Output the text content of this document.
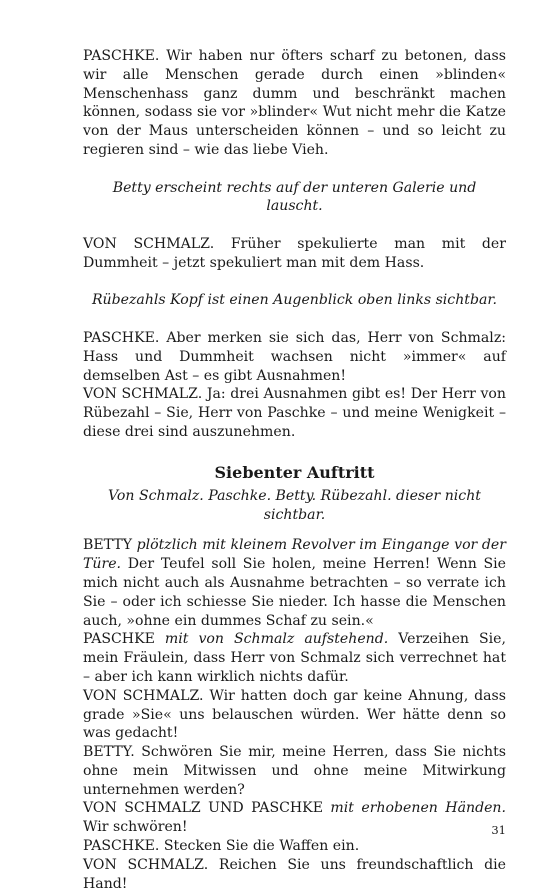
PASCHKE. Wir haben nur öfters scharf zu betonen, dass wir alle Menschen gerade durch einen »blinden« Menschenhass ganz dumm und beschränkt machen können, sodass sie vor »blinder« Wut nicht mehr die Katze von der Maus unterscheiden können – und so leicht zu regieren sind – wie das liebe Vieh.

Betty erscheint rechts auf der unteren Galerie und lauscht.

VON SCHMALZ. Früher spekulierte man mit der Dummheit – jetzt spekuliert man mit dem Hass.

Rübezahls Kopf ist einen Augenblick oben links sichtbar.

PASCHKE. Aber merken sie sich das, Herr von Schmalz: Hass und Dummheit wachsen nicht »immer« auf demselben Ast – es gibt Ausnahmen!

VON SCHMALZ. Ja: drei Ausnahmen gibt es! Der Herr von Rübezahl – Sie, Herr von Paschke – und meine Wenigkeit – diese drei sind auszunehmen.

Siebenter Auftritt

Von Schmalz. Paschke. Betty. Rübezahl. dieser nicht sichtbar.

BETTY plötzlich mit kleinem Revolver im Eingange vor der Türe. Der Teufel soll Sie holen, meine Herren! Wenn Sie mich nicht auch als Ausnahme betrachten – so verrate ich Sie – oder ich schiesse Sie nieder. Ich hasse die Menschen auch, »ohne ein dummes Schaf zu sein.«

PASCHKE mit von Schmalz aufstehend. Verzeihen Sie, mein Fräulein, dass Herr von Schmalz sich verrechnet hat – aber ich kann wirklich nichts dafür.

VON SCHMALZ. Wir hatten doch gar keine Ahnung, dass grade »Sie« uns belauschen würden. Wer hätte denn so was gedacht!

BETTY. Schwören Sie mir, meine Herren, dass Sie nichts ohne mein Mitwissen und ohne meine Mitwirkung unternehmen werden?

VON SCHMALZ UND PASCHKE mit erhobenen Händen. Wir schwören!

PASCHKE. Stecken Sie die Waffen ein.

VON SCHMALZ. Reichen Sie uns freundschaftlich die Hand!

31
